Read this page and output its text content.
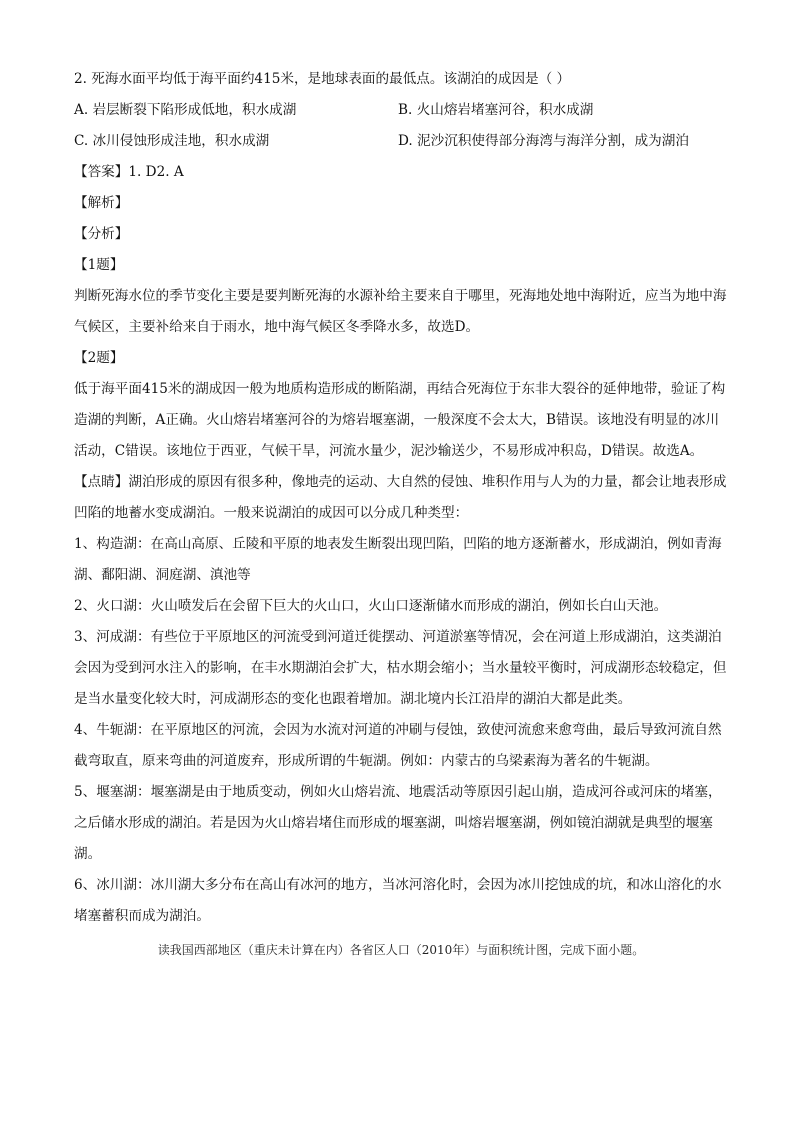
2. 死海水面平均低于海平面约415米，是地球表面的最低点。该湖泊的成因是（ ）
A. 岩层断裂下陷形成低地，积水成湖	B. 火山熔岩堵塞河谷，积水成湖
C. 冰川侵蚀形成洼地，积水成湖	D. 泥沙沉积使得部分海湾与海洋分割，成为湖泊
【答案】1. D2. A
【解析】
【分析】
【1题】
判断死海水位的季节变化主要是要判断死海的水源补给主要来自于哪里，死海地处地中海附近，应当为地中海气候区，主要补给来自于雨水，地中海气候区冬季降水多，故选D。
【2题】
低于海平面415米的湖成因一般为地质构造形成的断陷湖，再结合死海位于东非大裂谷的延伸地带，验证了构造湖的判断，A正确。火山熔岩堵塞河谷的为熔岩堰塞湖，一般深度不会太大，B错误。该地没有明显的冰川活动，C错误。该地位于西亚，气候干旱，河流水量少，泥沙输送少，不易形成冲积岛，D错误。故选A。
【点睛】湖泊形成的原因有很多种，像地壳的运动、大自然的侵蚀、堆积作用与人为的力量，都会让地表形成凹陷的地蓄水变成湖泊。一般来说湖泊的成因可以分成几种类型：
1、构造湖：在高山高原、丘陵和平原的地表发生断裂出现凹陷，凹陷的地方逐渐蓄水，形成湖泊，例如青海湖、鄱阳湖、洞庭湖、滇池等
2、火口湖：火山喷发后在会留下巨大的火山口，火山口逐渐储水而形成的湖泊，例如长白山天池。
3、河成湖：有些位于平原地区的河流受到河道迁徙摆动、河道淤塞等情况，会在河道上形成湖泊，这类湖泊会因为受到河水注入的影响，在丰水期湖泊会扩大，枯水期会缩小；当水量较平衡时，河成湖形态较稳定，但是当水量变化较大时，河成湖形态的变化也跟着增加。湖北境内长江沿岸的湖泊大都是此类。
4、牛轭湖：在平原地区的河流，会因为水流对河道的冲刷与侵蚀，致使河流愈来愈弯曲，最后导致河流自然截弯取直，原来弯曲的河道废弃，形成所谓的牛轭湖。例如：内蒙古的乌梁素海为著名的牛轭湖。
5、堰塞湖：堰塞湖是由于地质变动，例如火山熔岩流、地震活动等原因引起山崩，造成河谷或河床的堵塞，之后储水形成的湖泊。若是因为火山熔岩堵住而形成的堰塞湖，叫熔岩堰塞湖，例如镜泊湖就是典型的堰塞湖。
6、冰川湖：冰川湖大多分布在高山有冰河的地方，当冰河溶化时，会因为冰川挖蚀成的坑，和冰山溶化的水堵塞蓄积而成为湖泊。
读我国西部地区（重庆未计算在内）各省区人口（2010年）与面积统计图，完成下面小题。
